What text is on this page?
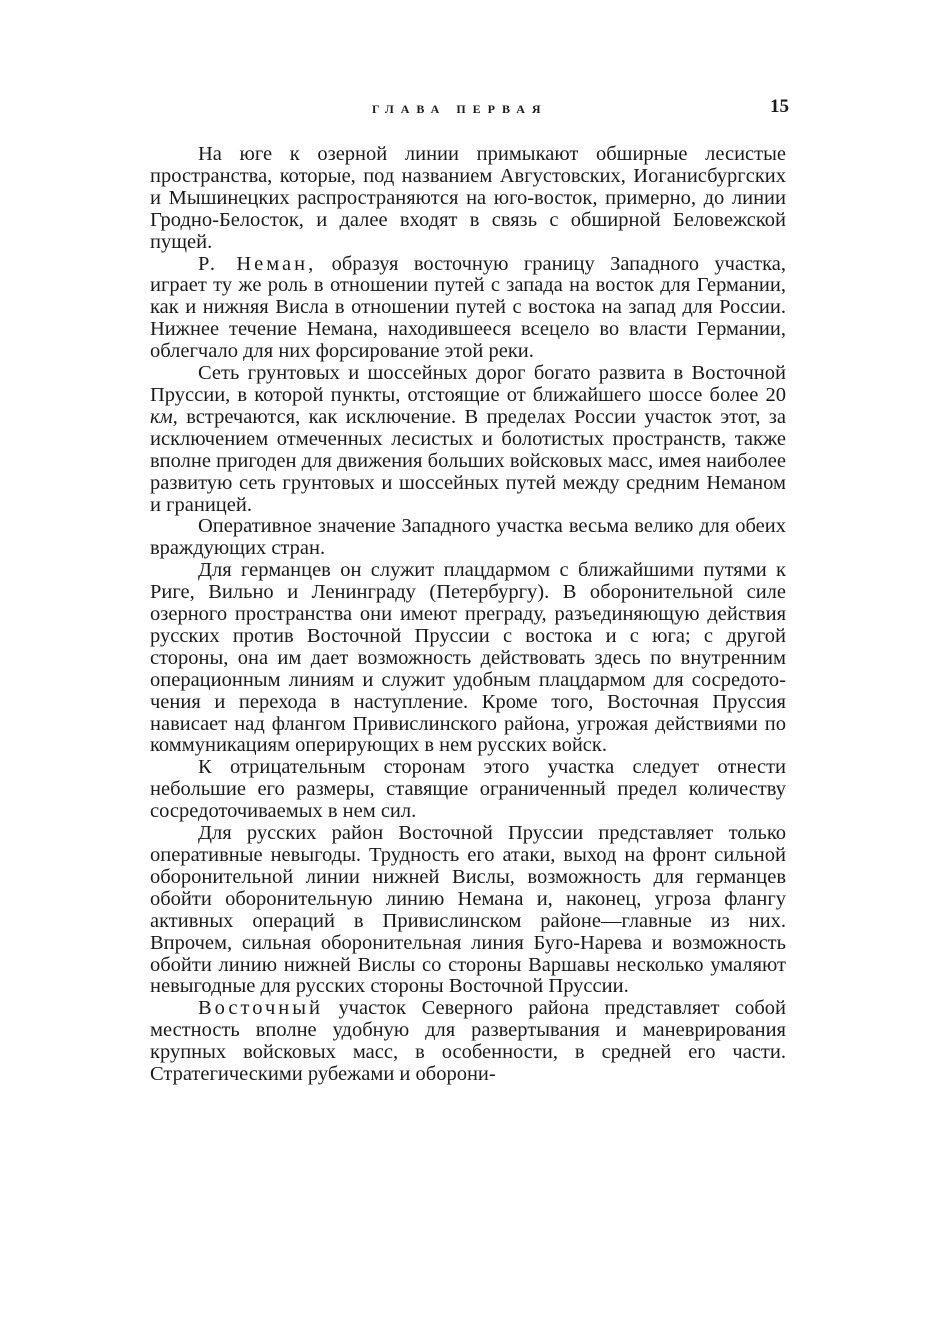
ГЛАВА ПЕРВАЯ	15

На юге к озерной линии примыкают обширные лесистые пространства, которые, под названием Августовских, Иоганисбургских и Мышинецких распространяются на юго-восток, примерно, до линии Гродно-Белосток, и далее входят в связь с обширной Беловежской пущей.

Р. Неман, образуя восточную границу Западного участка, играет ту же роль в отношении путей с запада на восток для Германии, как и нижняя Висла в отношении путей с востока на запад для России. Нижнее течение Немана, находившееся всецело во власти Германии, облегчало для них форсирование этой реки.

Сеть грунтовых и шоссейных дорог богато развита в Восточной Пруссии, в которой пункты, отстоящие от ближайшего шоссе более 20 км, встречаются, как исключение. В пределах России участок этот, за исключением отмеченных лесистых и болотистых пространств, также вполне пригоден для движения больших войсковых масс, имея наиболее развитую сеть грунтовых и шоссейных путей между средним Неманом и границей.

Оперативное значение Западного участка весьма велико для обеих враждующих стран.

Для германцев он служит плацдармом с ближайшими путями к Риге, Вильно и Ленинграду (Петербургу). В оборонительной силе озерного пространства они имеют преграду, разъединяющую действия русских против Восточной Пруссии с востока и с юга; с другой стороны, она им дает возможность действовать здесь по внутренним операционным линиям и служит удобным плацдармом для сосредоточения и перехода в наступление. Кроме того, Восточная Пруссия нависает над флангом Привислинского района, угрожая действиями по коммуникациям оперирующих в нем русских войск.

К отрицательным сторонам этого участка следует отнести небольшие его размеры, ставящие ограниченный предел количеству сосредоточиваемых в нем сил.

Для русских район Восточной Пруссии представляет только оперативные невыгоды. Трудность его атаки, выход на фронт сильной оборонительной линии нижней Вислы, возможность для германцев обойти оборонительную линию Немана и, наконец, угроза флангу активных операций в Привислинском районе—главные из них. Впрочем, сильная оборонительная линия Буго-Нарева и возможность обойти линию нижней Вислы со стороны Варшавы несколько умаляют невыгодные для русских стороны Восточной Пруссии.

Восточный участок Северного района представляет собой местность вполне удобную для развертывания и маневрирования крупных войсковых масс, в особенности, в средней его части. Стратегическими рубежами и оборони-
